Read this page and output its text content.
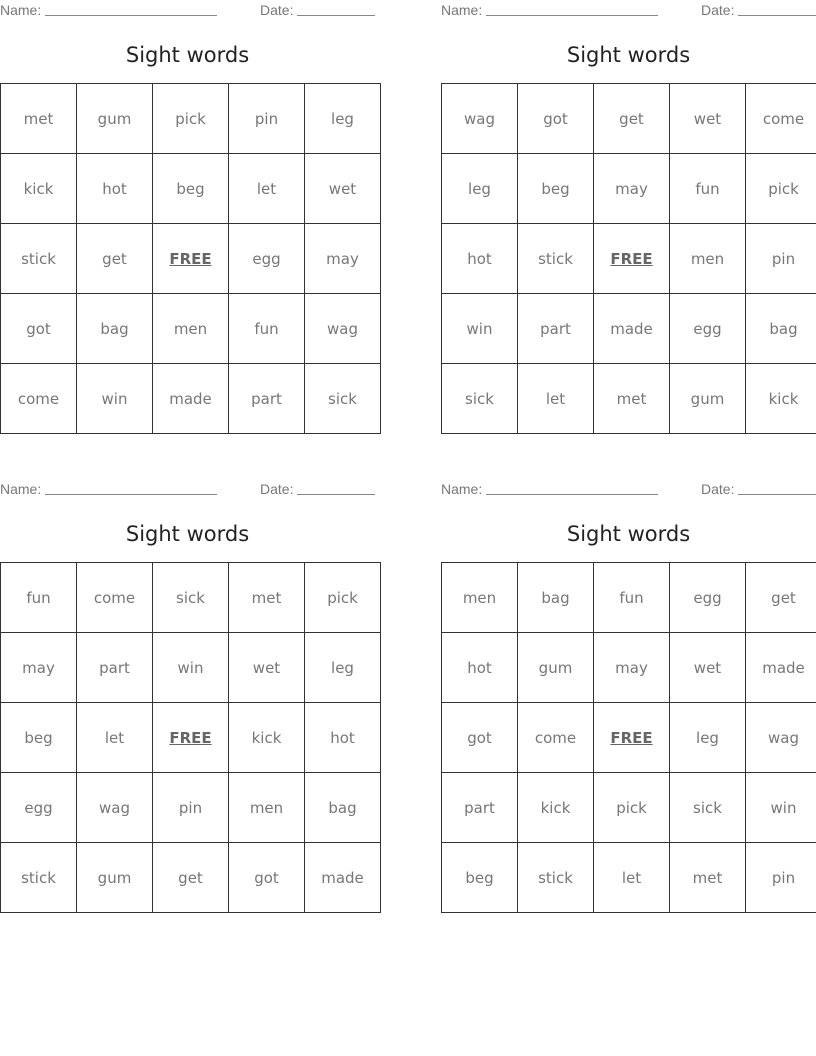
Name:	Date:
Sight words
met	gum	pick	pin	leg
kick	hot	beg	let	wet
stick	get	FREE	egg	may
got	bag	men	fun	wag
come	win	made	part	sick
Name:	Date:
Sight words
wag	got	get	wet	come
leg	beg	may	fun	pick
hot	stick	FREE	men	pin
win	part	made	egg	bag
sick	let	met	gum	kick
Name:	Date:
Sight words
fun	come	sick	met	pick
may	part	win	wet	leg
beg	let	FREE	kick	hot
egg	wag	pin	men	bag
stick	gum	get	got	made
Name:	Date:
Sight words
men	bag	fun	egg	get
hot	gum	may	wet	made
got	come	FREE	leg	wag
part	kick	pick	sick	win
beg	stick	let	met	pin
